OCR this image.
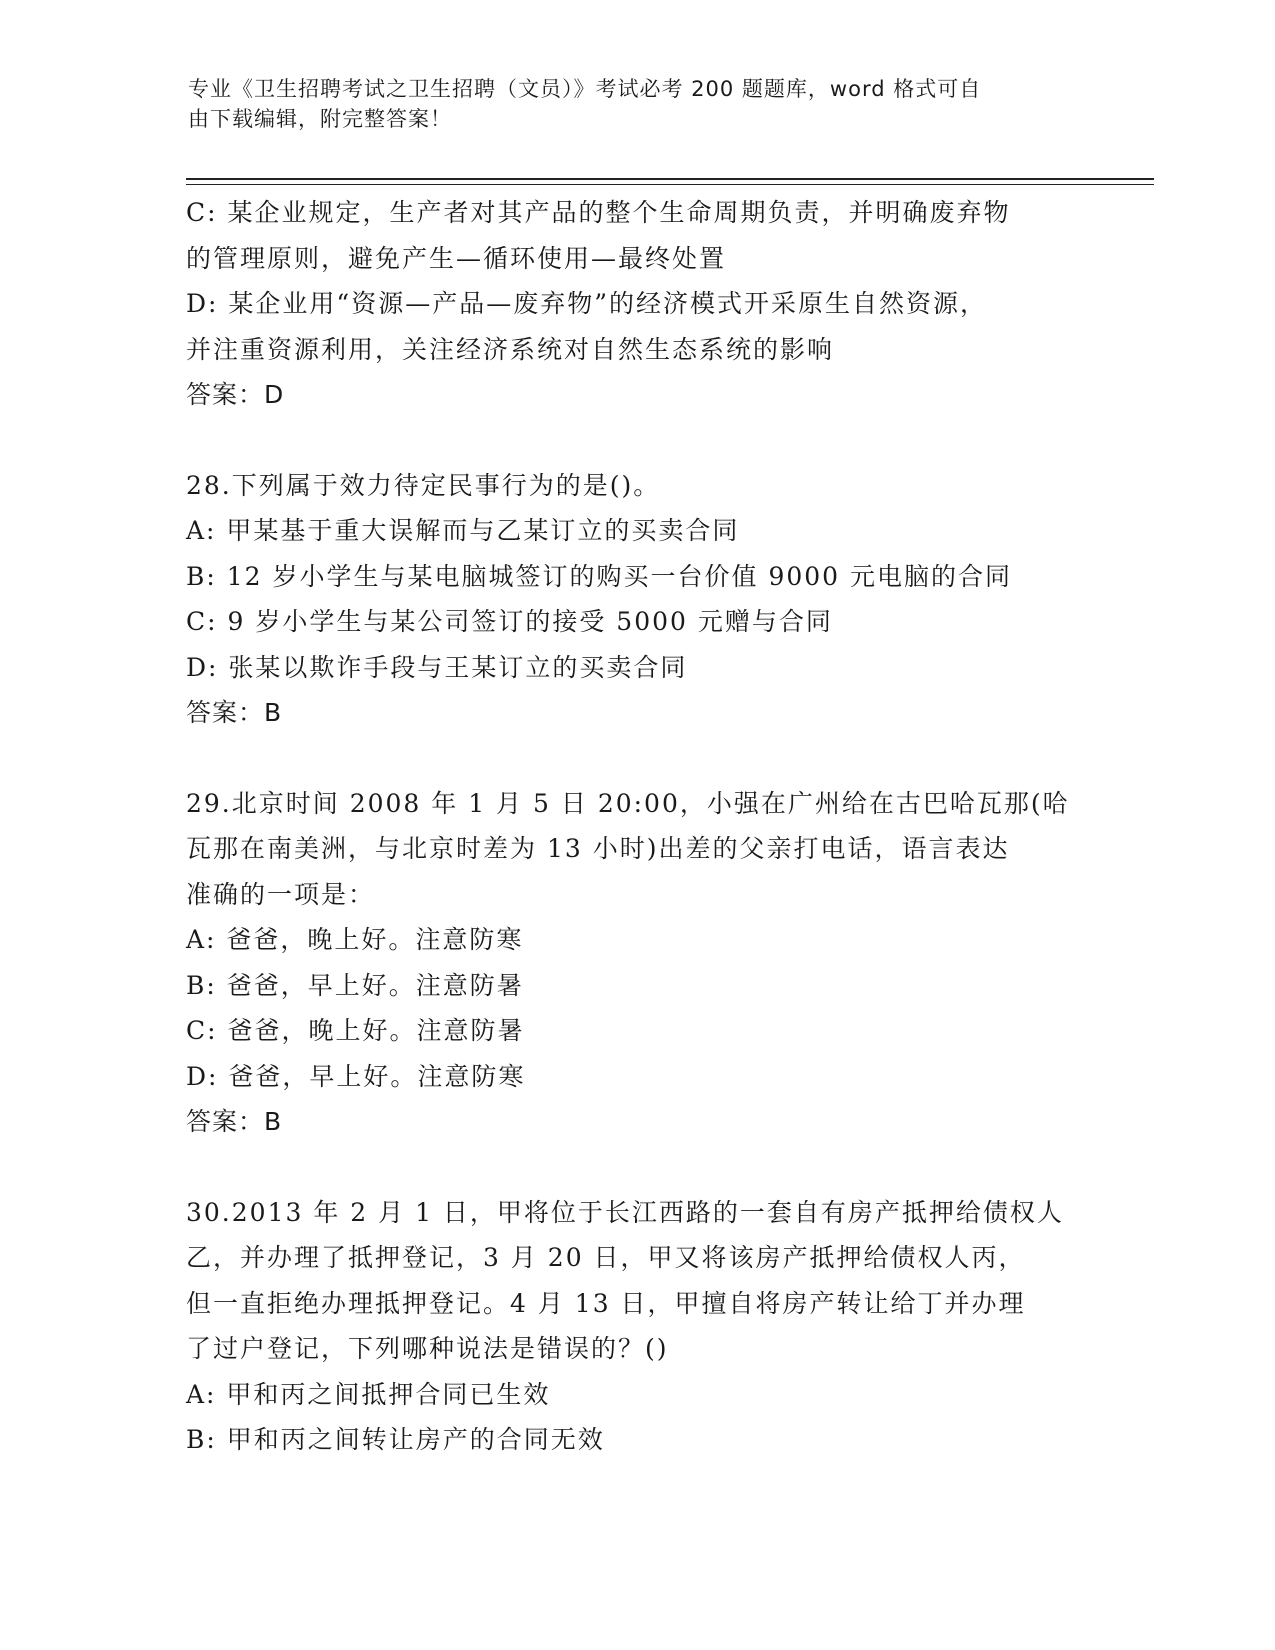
专业《卫生招聘考试之卫生招聘（文员）》考试必考 200 题题库，word 格式可自
由下载编辑，附完整答案！
C: 某企业规定，生产者对其产品的整个生命周期负责，并明确废弃物
的管理原则，避免产生—循环使用—最终处置
D: 某企业用“资源—产品—废弃物”的经济模式开采原生自然资源，
并注重资源利用，关注经济系统对自然生态系统的影响
答案：D
28.下列属于效力待定民事行为的是()。
A: 甲某基于重大误解而与乙某订立的买卖合同
B: 12 岁小学生与某电脑城签订的购买一台价值 9000 元电脑的合同
C: 9 岁小学生与某公司签订的接受 5000 元赠与合同
D: 张某以欺诈手段与王某订立的买卖合同
答案：B
29.北京时间 2008 年 1 月 5 日 20:00，小强在广州给在古巴哈瓦那(哈
瓦那在南美洲，与北京时差为 13 小时)出差的父亲打电话，语言表达
准确的一项是：
A: 爸爸，晚上好。注意防寒
B: 爸爸，早上好。注意防暑
C: 爸爸，晚上好。注意防暑
D: 爸爸，早上好。注意防寒
答案：B
30.2013 年 2 月 1 日，甲将位于长江西路的一套自有房产抵押给债权人
乙，并办理了抵押登记，3 月 20 日，甲又将该房产抵押给债权人丙，
但一直拒绝办理抵押登记。4 月 13 日，甲擅自将房产转让给丁并办理
了过户登记，下列哪种说法是错误的？()
A: 甲和丙之间抵押合同已生效
B: 甲和丙之间转让房产的合同无效
